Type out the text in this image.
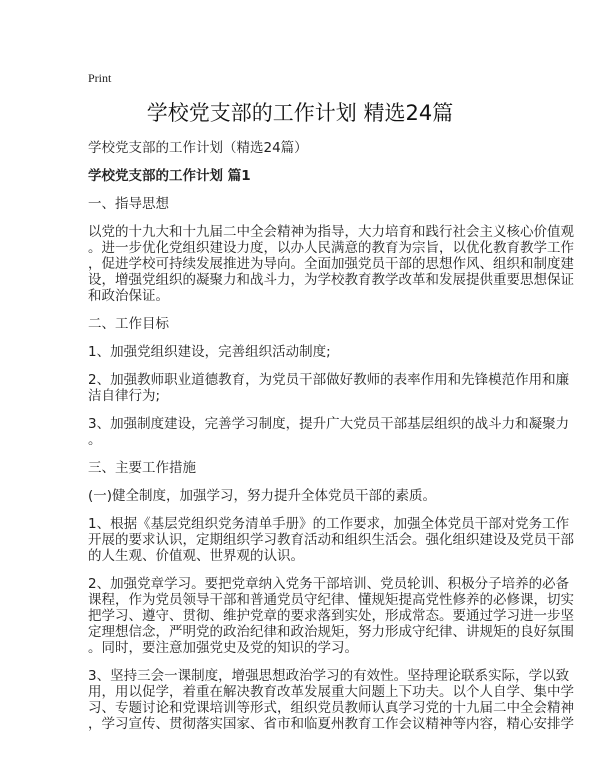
Print
学校党支部的工作计划 精选24篇

学校党支部的工作计划（精选24篇）

学校党支部的工作计划 篇1

一、指导思想

以党的十九大和十九届二中全会精神为指导，大力培育和践行社会主义核心价值观
。进一步优化党组织建设力度，以办人民满意的教育为宗旨，以优化教育教学工作
，促进学校可持续发展推进为导向。全面加强党员干部的思想作风、组织和制度建
设，增强党组织的凝聚力和战斗力，为学校教育教学改革和发展提供重要思想保证
和政治保证。

二、工作目标

1、加强党组织建设，完善组织活动制度;

2、加强教师职业道德教育，为党员干部做好教师的表率作用和先锋模范作用和廉
洁自律行为;

3、加强制度建设，完善学习制度，提升广大党员干部基层组织的战斗力和凝聚力
。

三、主要工作措施

(一)健全制度，加强学习，努力提升全体党员干部的素质。

1、根据《基层党组织党务清单手册》的工作要求，加强全体党员干部对党务工作
开展的要求认识，定期组织学习教育活动和组织生活会。强化组织建设及党员干部
的人生观、价值观、世界观的认识。

2、加强党章学习。要把党章纳入党务干部培训、党员轮训、积极分子培养的必备
课程，作为党员领导干部和普通党员守纪律、懂规矩提高党性修养的必修课，切实
把学习、遵守、贯彻、维护党章的要求落到实处，形成常态。要通过学习进一步坚
定理想信念，严明党的政治纪律和政治规矩，努力形成守纪律、讲规矩的良好氛围
。同时，要注意加强党史及党的知识的学习。

3、坚持三会一课制度，增强思想政治学习的有效性。坚持理论联系实际，学以致
用，用以促学，着重在解决教育改革发展重大问题上下功夫。以个人自学、集中学
习、专题讨论和党课培训等形式，组织党员教师认真学习党的十九届二中全会精神
，学习宣传、贯彻落实国家、省市和临夏州教育工作会议精神等内容，精心安排学
